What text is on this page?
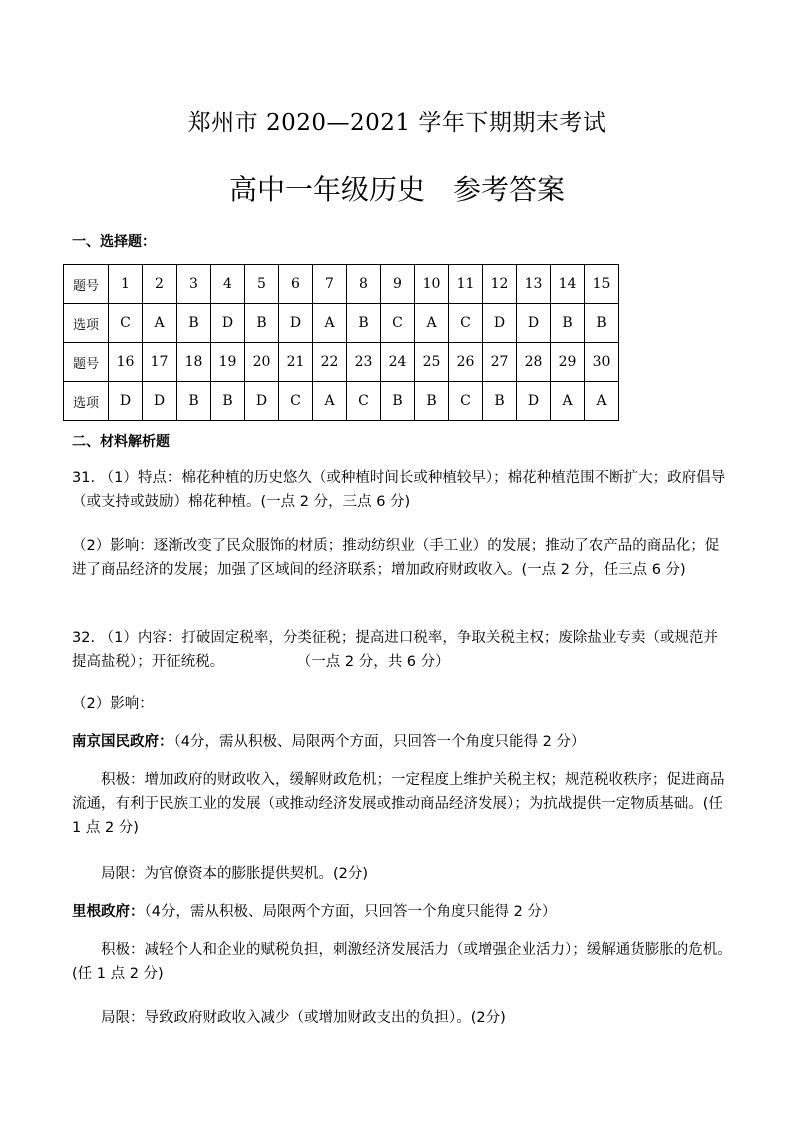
郑州市 2020—2021 学年下期期末考试
高中一年级历史　参考答案
一、选择题：
题号	1	2	3	4	5	6	7	8	9	10	11	12	13	14	15
选项	C	A	B	D	B	D	A	B	C	A	C	D	D	B	B
题号	16	17	18	19	20	21	22	23	24	25	26	27	28	29	30
选项	D	D	B	B	D	C	A	C	B	B	C	B	D	A	A
二、材料解析题
31. （1）特点：棉花种植的历史悠久（或种植时间长或种植较早）；棉花种植范围不断扩大；政府倡导（或支持或鼓励）棉花种植。(一点 2 分，三点 6 分)
（2）影响：逐渐改变了民众服饰的材质；推动纺织业（手工业）的发展；推动了农产品的商品化；促进了商品经济的发展；加强了区域间的经济联系；增加政府财政收入。(一点 2 分，任三点 6 分)
32. （1）内容：打破固定税率，分类征税；提高进口税率，争取关税主权；废除盐业专卖（或规范并提高盐税）；开征统税。　　　　　　（一点 2 分，共 6 分）
（2）影响：
南京国民政府：（4分，需从积极、局限两个方面，只回答一个角度只能得 2 分）
积极：增加政府的财政收入，缓解财政危机；一定程度上维护关税主权；规范税收秩序；促进商品流通，有利于民族工业的发展（或推动经济发展或推动商品经济发展）；为抗战提供一定物质基础。(任 1 点 2 分)
局限：为官僚资本的膨胀提供契机。(2分)
里根政府：（4分，需从积极、局限两个方面，只回答一个角度只能得 2 分）
积极：减轻个人和企业的赋税负担，刺激经济发展活力（或增强企业活力）；缓解通货膨胀的危机。(任 1 点 2 分)
局限：导致政府财政收入减少（或增加财政支出的负担）。(2分)
